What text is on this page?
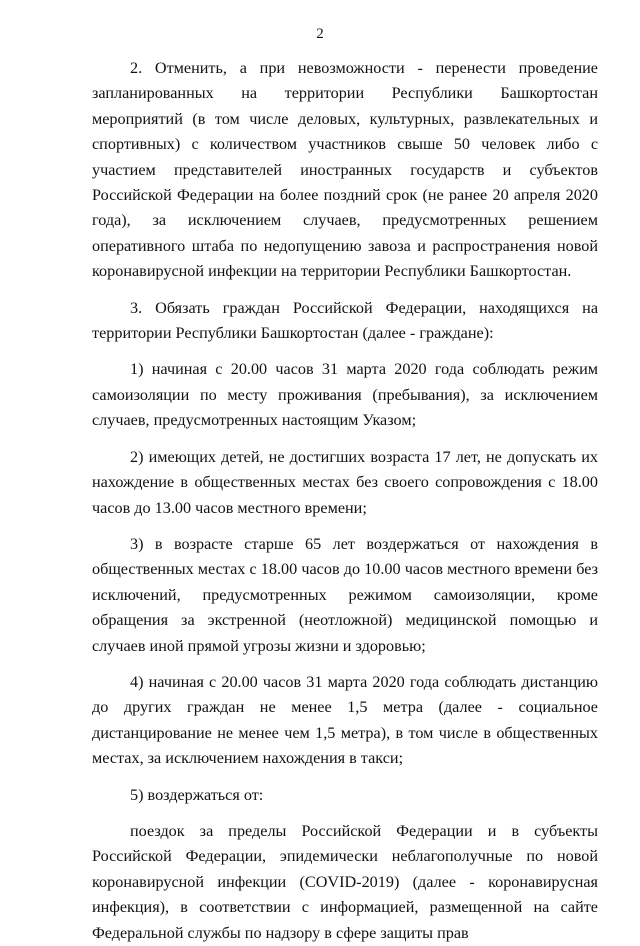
2

2. Отменить, а при невозможности - перенести проведение запланированных на территории Республики Башкортостан мероприятий (в том числе деловых, культурных, развлекательных и спортивных) с количеством участников свыше 50 человек либо с участием представителей иностранных государств и субъектов Российской Федерации на более поздний срок (не ранее 20 апреля 2020 года), за исключением случаев, предусмотренных решением оперативного штаба по недопущению завоза и распространения новой коронавирусной инфекции на территории Республики Башкортостан.

3. Обязать граждан Российской Федерации, находящихся на территории Республики Башкортостан (далее - граждане):

1) начиная с 20.00 часов 31 марта 2020 года соблюдать режим самоизоляции по месту проживания (пребывания), за исключением случаев, предусмотренных настоящим Указом;

2) имеющих детей, не достигших возраста 17 лет, не допускать их нахождение в общественных местах без своего сопровождения с 18.00 часов до 13.00 часов местного времени;

3) в возрасте старше 65 лет воздержаться от нахождения в общественных местах с 18.00 часов до 10.00 часов местного времени без исключений, предусмотренных режимом самоизоляции, кроме обращения за экстренной (неотложной) медицинской помощью и случаев иной прямой угрозы жизни и здоровью;

4) начиная с 20.00 часов 31 марта 2020 года соблюдать дистанцию до других граждан не менее 1,5 метра (далее - социальное дистанцирование не менее чем 1,5 метра), в том числе в общественных местах, за исключением нахождения в такси;

5) воздержаться от:

поездок за пределы Российской Федерации и в субъекты Российской Федерации, эпидемически неблагополучные по новой коронавирусной инфекции (COVID-2019) (далее - коронавирусная инфекция), в соответствии с информацией, размещенной на сайте Федеральной службы по надзору в сфере защиты прав
